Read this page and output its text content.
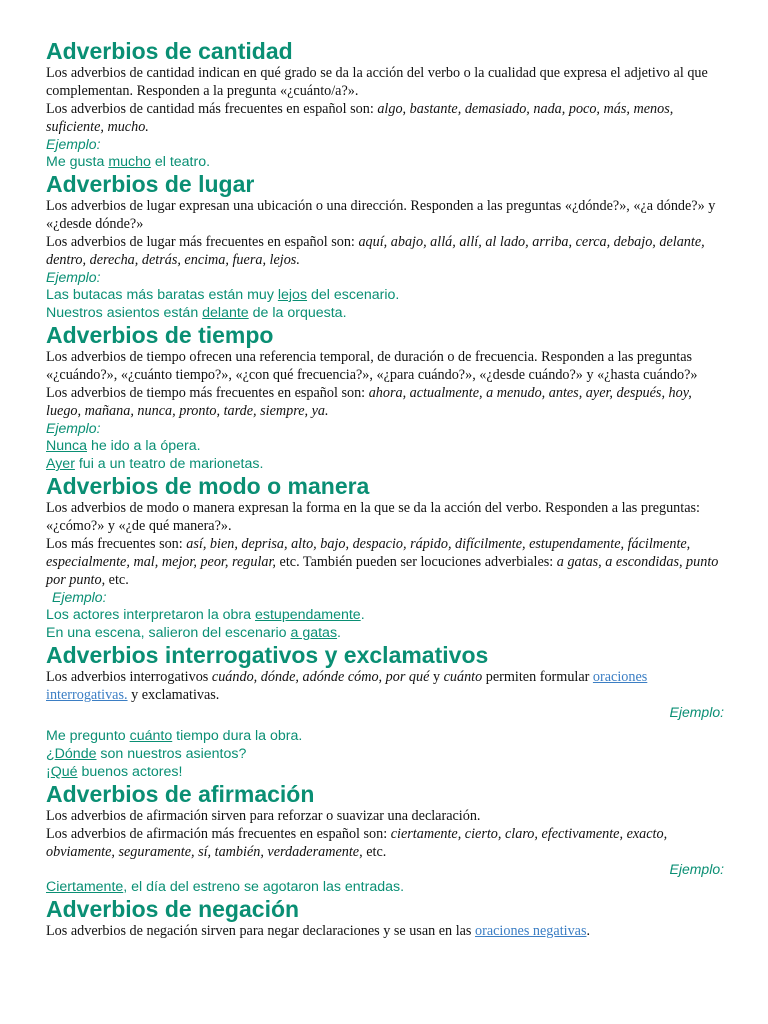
Adverbios de cantidad

Los adverbios de cantidad indican en qué grado se da la acción del verbo o la cualidad que expresa el adjetivo al que complementan. Responden a la pregunta «¿cuánto/a?».

Los adverbios de cantidad más frecuentes en español son: algo, bastante, demasiado, nada, poco, más, menos, suficiente, mucho.

Ejemplo:

Me gusta mucho el teatro.

Adverbios de lugar

Los adverbios de lugar expresan una ubicación o una dirección. Responden a las preguntas «¿dónde?», «¿a dónde?» y «¿desde dónde?»

Los adverbios de lugar más frecuentes en español son: aquí, abajo, allá, allí, al lado, arriba, cerca, debajo, delante, dentro, derecha, detrás, encima, fuera, lejos.

Ejemplo:

Las butacas más baratas están muy lejos del escenario.

Nuestros asientos están delante de la orquesta.

Adverbios de tiempo

Los adverbios de tiempo ofrecen una referencia temporal, de duración o de frecuencia. Responden a las preguntas «¿cuándo?», «¿cuánto tiempo?», «¿con qué frecuencia?», «¿para cuándo?», «¿desde cuándo?» y «¿hasta cuándo?»

Los adverbios de tiempo más frecuentes en español son: ahora, actualmente, a menudo, antes, ayer, después, hoy, luego, mañana, nunca, pronto, tarde, siempre, ya.

Ejemplo:

Nunca he ido a la ópera.

Ayer fui a un teatro de marionetas.

Adverbios de modo o manera

Los adverbios de modo o manera expresan la forma en la que se da la acción del verbo. Responden a las preguntas: «¿cómo?» y «¿de qué manera?».

Los más frecuentes son: así, bien, deprisa, alto, bajo, despacio, rápido, difícilmente, estupendamente, fácilmente, especialmente, mal, mejor, peor, regular, etc. También pueden ser locuciones adverbiales: a gatas, a escondidas, punto por punto, etc.

Ejemplo:

Los actores interpretaron la obra estupendamente.

En una escena, salieron del escenario a gatas.

Adverbios interrogativos y exclamativos

Los adverbios interrogativos cuándo, dónde, adónde cómo, por qué y cuánto permiten formular oraciones interrogativas. y exclamativas.

Ejemplo:

Me pregunto cuánto tiempo dura la obra.

¿Dónde son nuestros asientos?

¡Qué buenos actores!

Adverbios de afirmación

Los adverbios de afirmación sirven para reforzar o suavizar una declaración.

Los adverbios de afirmación más frecuentes en español son: ciertamente, cierto, claro, efectivamente, exacto, obviamente, seguramente, sí, también, verdaderamente, etc.

Ejemplo:

Ciertamente, el día del estreno se agotaron las entradas.

Adverbios de negación

Los adverbios de negación sirven para negar declaraciones y se usan en las oraciones negativas.
